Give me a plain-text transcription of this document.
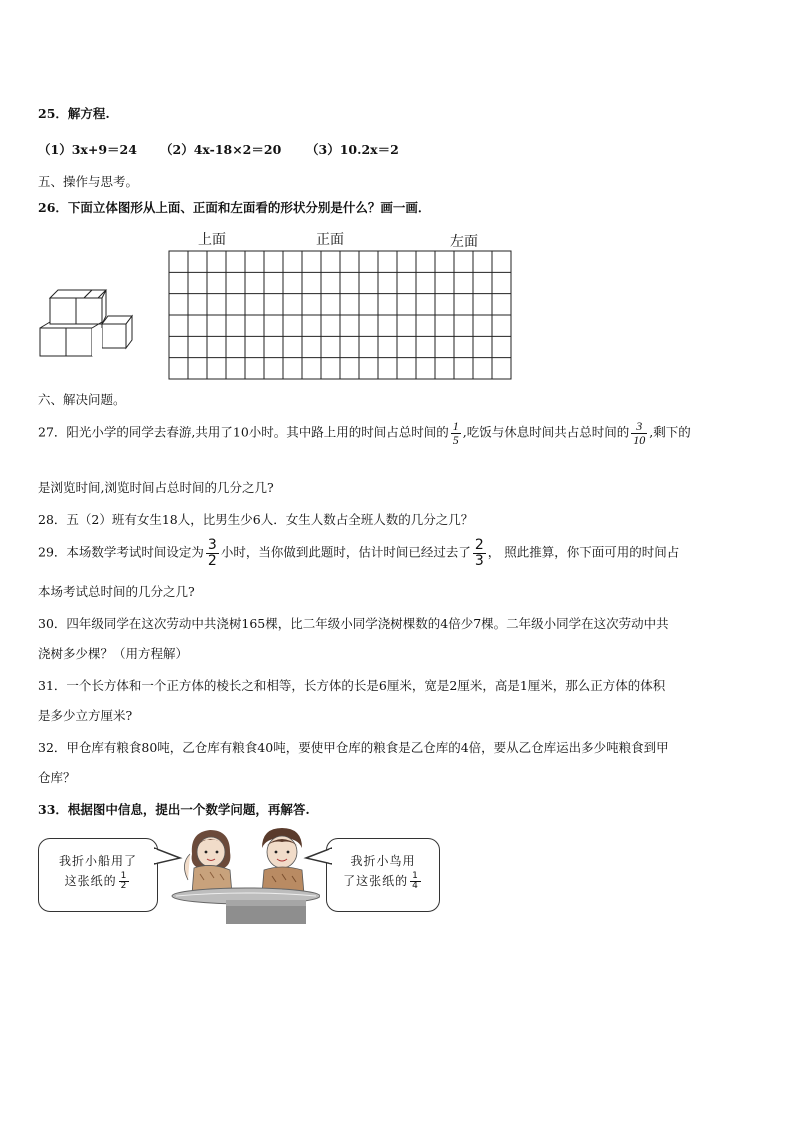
25．解方程.
（1）3x+9＝24 （2）4x-18×2＝20 （3）10.2x＝2
五、操作与思考。
26．下面立体图形从上面、正面和左面看的形状分别是什么？画一画．
上面	正面	左面
六、解决问题。
27．阳光小学的同学去春游,共用了10小时。其中路上用的时间占总时间的 $\frac{1}{5}$ ,吃饭与休息时间共占总时间的 $\frac{3}{10}$ ,剩下的
是浏览时间,浏览时间占总时间的几分之几?
28．五（2）班有女生18人，比男生少6人．女生人数占全班人数的几分之几？
29．本场数学考试时间设定为 $\frac{3}{2}$ 小时，当你做到此题时，估计时间已经过去了 $\frac{2}{3}$ ， 照此推算，你下面可用的时间占
本场考试总时间的几分之几?
30．四年级同学在这次劳动中共浇树165棵，比二年级小同学浇树棵数的4倍少7棵。二年级小同学在这次劳动中共
浇树多少棵？（用方程解）
31．一个长方体和一个正方体的棱长之和相等，长方体的长是6厘米，宽是2厘米，高是1厘米，那么正方体的体积
是多少立方厘米?
32．甲仓库有粮食80吨，乙仓库有粮食40吨，要使甲仓库的粮食是乙仓库的4倍，要从乙仓库运出多少吨粮食到甲
仓库？
33．根据图中信息，提出一个数学问题，再解答.
我折小船用了
这张纸的 $\frac{1}{2}$
我折小鸟用
了这张纸的 $\frac{1}{4}$
